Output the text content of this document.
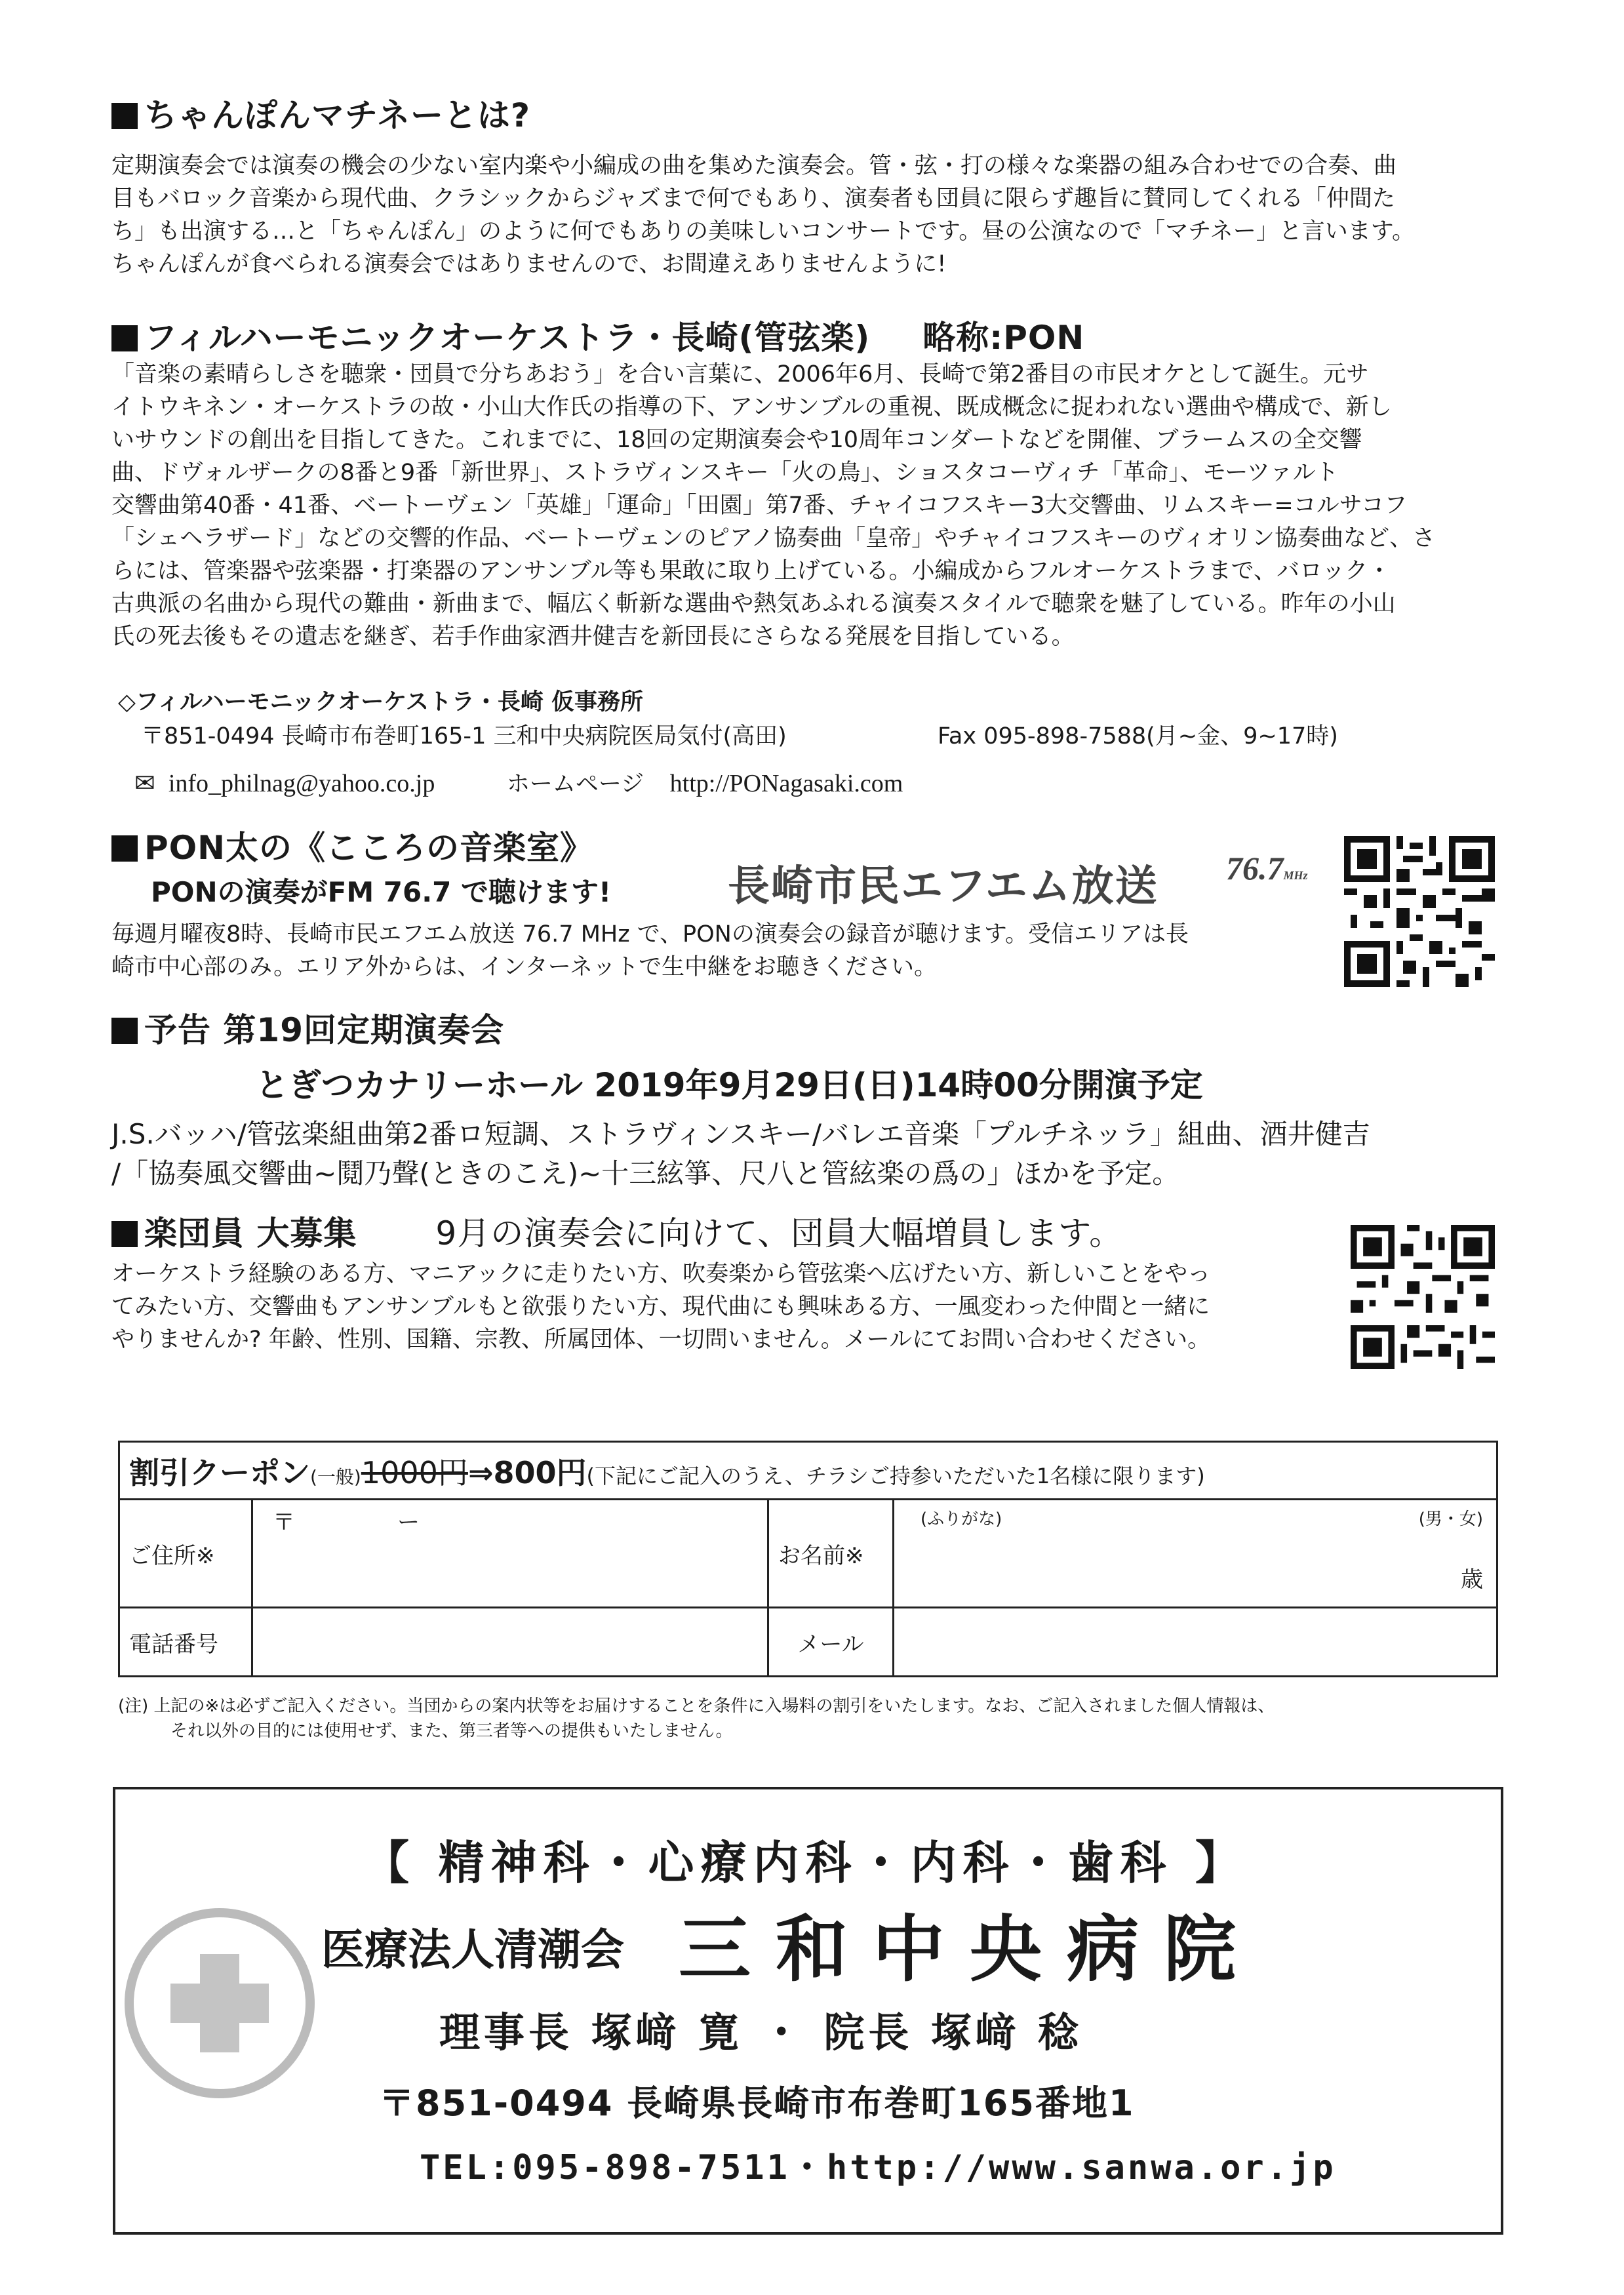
ちゃんぽんマチネーとは?
定期演奏会では演奏の機会の少ない室内楽や小編成の曲を集めた演奏会。管・弦・打の様々な楽器の組み合わせでの合奏、曲
目もバロック音楽から現代曲、クラシックからジャズまで何でもあり、演奏者も団員に限らず趣旨に賛同してくれる「仲間た
ち」も出演する…と「ちゃんぽん」のように何でもありの美味しいコンサートです。昼の公演なので「マチネー」と言います。
ちゃんぽんが食べられる演奏会ではありませんので、お間違えありませんように!
フィルハーモニックオーケストラ・長崎(管弦楽) 略称:PON
「音楽の素晴らしさを聴衆・団員で分ちあおう」を合い言葉に、2006年6月、長崎で第2番目の市民オケとして誕生。元サ
イトウキネン・オーケストラの故・小山大作氏の指導の下、アンサンブルの重視、既成概念に捉われない選曲や構成で、新し
いサウンドの創出を目指してきた。これまでに、18回の定期演奏会や10周年コンダートなどを開催、ブラームスの全交響
曲、ドヴォルザークの8番と9番「新世界」、ストラヴィンスキー「火の鳥」、ショスタコーヴィチ「革命」、モーツァルト
交響曲第40番・41番、ベートーヴェン「英雄」「運命」「田園」第7番、チャイコフスキー3大交響曲、リムスキー=コルサコフ
「シェヘラザード」などの交響的作品、ベートーヴェンのピアノ協奏曲「皇帝」やチャイコフスキーのヴィオリン協奏曲など、さ
らには、管楽器や弦楽器・打楽器のアンサンブル等も果敢に取り上げている。小編成からフルオーケストラまで、バロック・
古典派の名曲から現代の難曲・新曲まで、幅広く斬新な選曲や熱気あふれる演奏スタイルで聴衆を魅了している。昨年の小山
氏の死去後もその遺志を継ぎ、若手作曲家酒井健吉を新団長にさらなる発展を目指している。
◇フィルハーモニックオーケストラ・長崎 仮事務所
〒851-0494 長崎市布巻町165-1 三和中央病院医局気付(高田)	Fax 095-898-7588(月~金、9~17時)
✉ info_philnag@yahoo.co.jp	ホームページ http://PONagasaki.com
PON太の《こころの音楽室》
PONの演奏がFM 76.7 で聴けます!	長崎市民エフエム放送 76.7MHz
毎週月曜夜8時、長崎市民エフエム放送 76.7 MHz で、PONの演奏会の録音が聴けます。受信エリアは長
崎市中心部のみ。エリア外からは、インターネットで生中継をお聴きください。
予告 第19回定期演奏会
とぎつカナリーホール 2019年9月29日(日)14時00分開演予定
J.S.バッハ/管弦楽組曲第2番ロ短調、ストラヴィンスキー/バレエ音楽「プルチネッラ」組曲、酒井健吉
/「協奏風交響曲~鬩乃聲(ときのこえ)~十三絃箏、尺八と管絃楽の爲の」ほかを予定。
楽団員 大募集 9月の演奏会に向けて、団員大幅増員します。
オーケストラ経験のある方、マニアックに走りたい方、吹奏楽から管弦楽へ広げたい方、新しいことをやっ
てみたい方、交響曲もアンサンブルもと欲張りたい方、現代曲にも興味ある方、一風変わった仲間と一緒に
やりませんか? 年齢、性別、国籍、宗教、所属団体、一切問いません。メールにてお問い合わせください。
割引クーポン(一般)1000円⇒800円(下記にご記入のうえ、チラシご持参いただいた1名様に限ります)			
ご住所※	〒 ー	お名前※	(ふりがな) (男・女)
歳

電話番号		メール	
(注) 上記の※は必ずご記入ください。当団からの案内状等をお届けすることを条件に入場料の割引をいたします。なお、ご記入されました個人情報は、
それ以外の目的には使用せず、また、第三者等への提供もいたしません。
【 精神科・心療内科・内科・歯科 】
医療法人清潮会 三和中央病院
理事長 塚﨑 寛 ・ 院長 塚﨑 稔
〒851-0494 長崎県長崎市布巻町165番地1
TEL:095-898-7511・http://www.sanwa.or.jp
